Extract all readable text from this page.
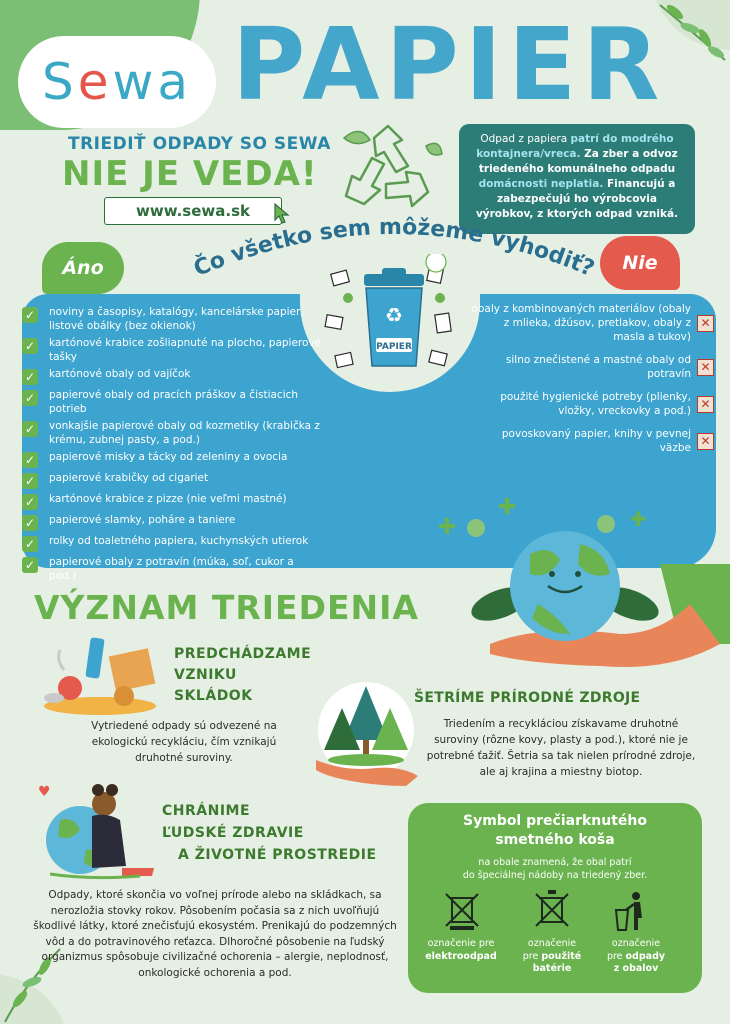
Sewa PAPIER
TRIEDIŤ ODPADY SO SEWA
NIE JE VEDA!
www.sewa.sk
Odpad z papiera patrí do modrého kontajnera/vreca. Za zber a odvoz triedeného komunálneho odpadu domácnosti neplatia. Financujú a zabezpečujú ho výrobcovia výrobkov, z ktorých odpad vzniká.
Čo všetko sem môžeme vyhodiť?
Áno	Nie
♻
PAPIER
✓ noviny a časopisy, katalógy, kancelárske papier, listové obálky (bez okienok)
✓ kartónové krabice zošliapnuté na plocho, papierové tašky
✓ kartónové obaly od vajíčok
✓ papierové obaly od pracích práškov a čistiacich potrieb
✓ vonkajšie papierové obaly od kozmetiky (krabička z krému, zubnej pasty, a pod.)
✓ papierové misky a tácky od zeleniny a ovocia
✓ papierové krabičky od cigariet
✓ kartónové krabice z pizze (nie veľmi mastné)
✓ papierové slamky, poháre a taniere
✓ rolky od toaletného papiera, kuchynských utierok
✓ papierové obaly z potravín (múka, soľ, cukor a pod.)
obaly z kombinovaných materiálov (obaly z mlieka, džúsov, pretlakov, obaly z masla a tukov)
✕
silno znečistené a mastné obaly od potravín
✕
použité hygienické potreby (plienky, vložky, vreckovky a pod.)
✕
povoskovaný papier, knihy v pevnej väzbe
✕
✚
✚	✚
VÝZNAM TRIEDENIA
PREDCHÁDZAME
VZNIKU
SKLÁDOK
Vytriedené odpady sú odvezené na ekologickú recykláciu, čím vznikajú druhotné suroviny.
ŠETRÍME PRÍRODNÉ ZDROJE
Triedením a recykláciou získavame druhotné suroviny (rôzne kovy, plasty a pod.), ktoré nie je potrebné ťažiť. Šetria sa tak nielen prírodné zdroje, ale aj krajina a miestny biotop.
♥
CHRÁNIME
ĽUDSKÉ ZDRAVIE
A ŽIVOTNÉ PROSTREDIE
Odpady, ktoré skončia vo voľnej prírode alebo na skládkach, sa nerozložia stovky rokov. Pôsobením počasia sa z nich uvoľňujú škodlivé látky, ktoré znečisťujú ekosystém. Prenikajú do podzemných vôd a do potravinového reťazca. Dlhoročné pôsobenie na ľudský organizmus spôsobuje civilizačné ochorenia – alergie, neplodnosť, onkologické ochorenia a pod.
Symbol prečiarknutého
smetného koša
na obale znamená, že obal patrí
do špeciálnej nádoby na triedený zber.
označenie pre
elektroodpad
označenie
pre použité
batérie
označenie
pre odpady
z obalov
